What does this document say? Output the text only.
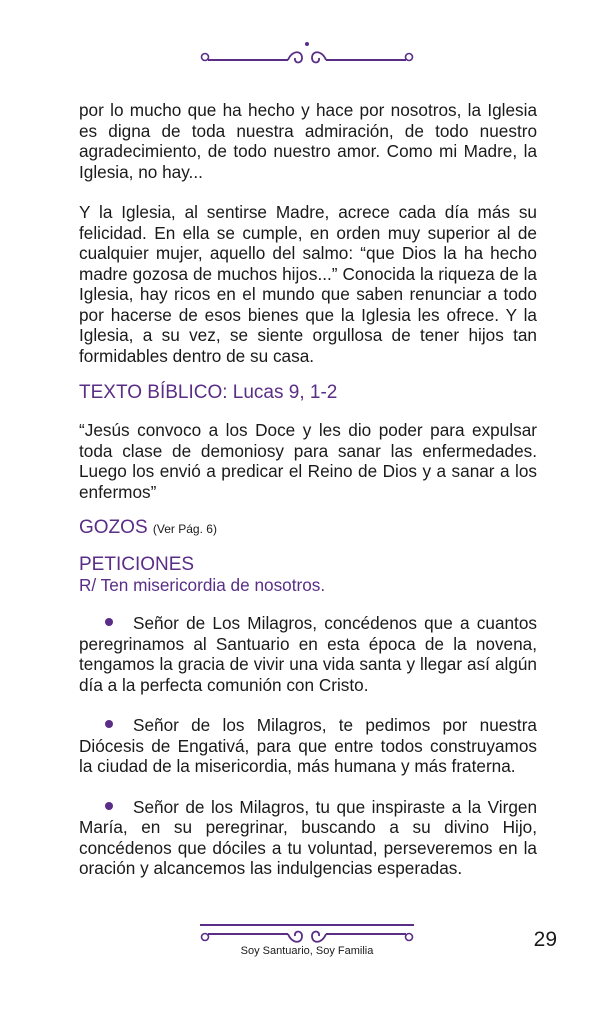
por lo mucho que ha hecho y hace por nosotros, la Iglesia es digna de toda nuestra admiración, de todo nuestro agradecimiento, de todo nuestro amor. Como mi Madre, la Iglesia, no hay...

Y la Iglesia, al sentirse Madre, acrece cada día más su felicidad. En ella se cumple, en orden muy superior al de cualquier mujer, aquello del salmo: “que Dios la ha hecho madre gozosa de muchos hijos...” Conocida la riqueza de la Iglesia, hay ricos en el mundo que saben renunciar a todo por hacerse de esos bienes que la Iglesia les ofrece. Y la Iglesia, a su vez, se siente orgullosa de tener hijos tan formidables dentro de su casa.

TEXTO BÍBLICO: Lucas 9, 1-2

“Jesús convoco a los Doce y les dio poder para expulsar toda clase de demoniosy para sanar las enfermedades. Luego los envió a predicar el Reino de Dios y a sanar a los enfermos”

GOZOS (Ver Pág. 6)

PETICIONES

R/ Ten misericordia de nosotros.

Señor de Los Milagros, concédenos que a cuantos peregrinamos al Santuario en esta época de la novena, tengamos la gracia de vivir una vida santa y llegar así algún día a la perfecta comunión con Cristo.

Señor de los Milagros, te pedimos por nuestra Diócesis de Engativá, para que entre todos construyamos la ciudad de la misericordia, más humana y más fraterna.

Señor de los Milagros, tu que inspiraste a la Virgen María, en su peregrinar, buscando a su divino Hijo, concédenos que dóciles a tu voluntad, perseveremos en la oración y alcancemos las indulgencias esperadas.

Soy Santuario, Soy Familia	29
